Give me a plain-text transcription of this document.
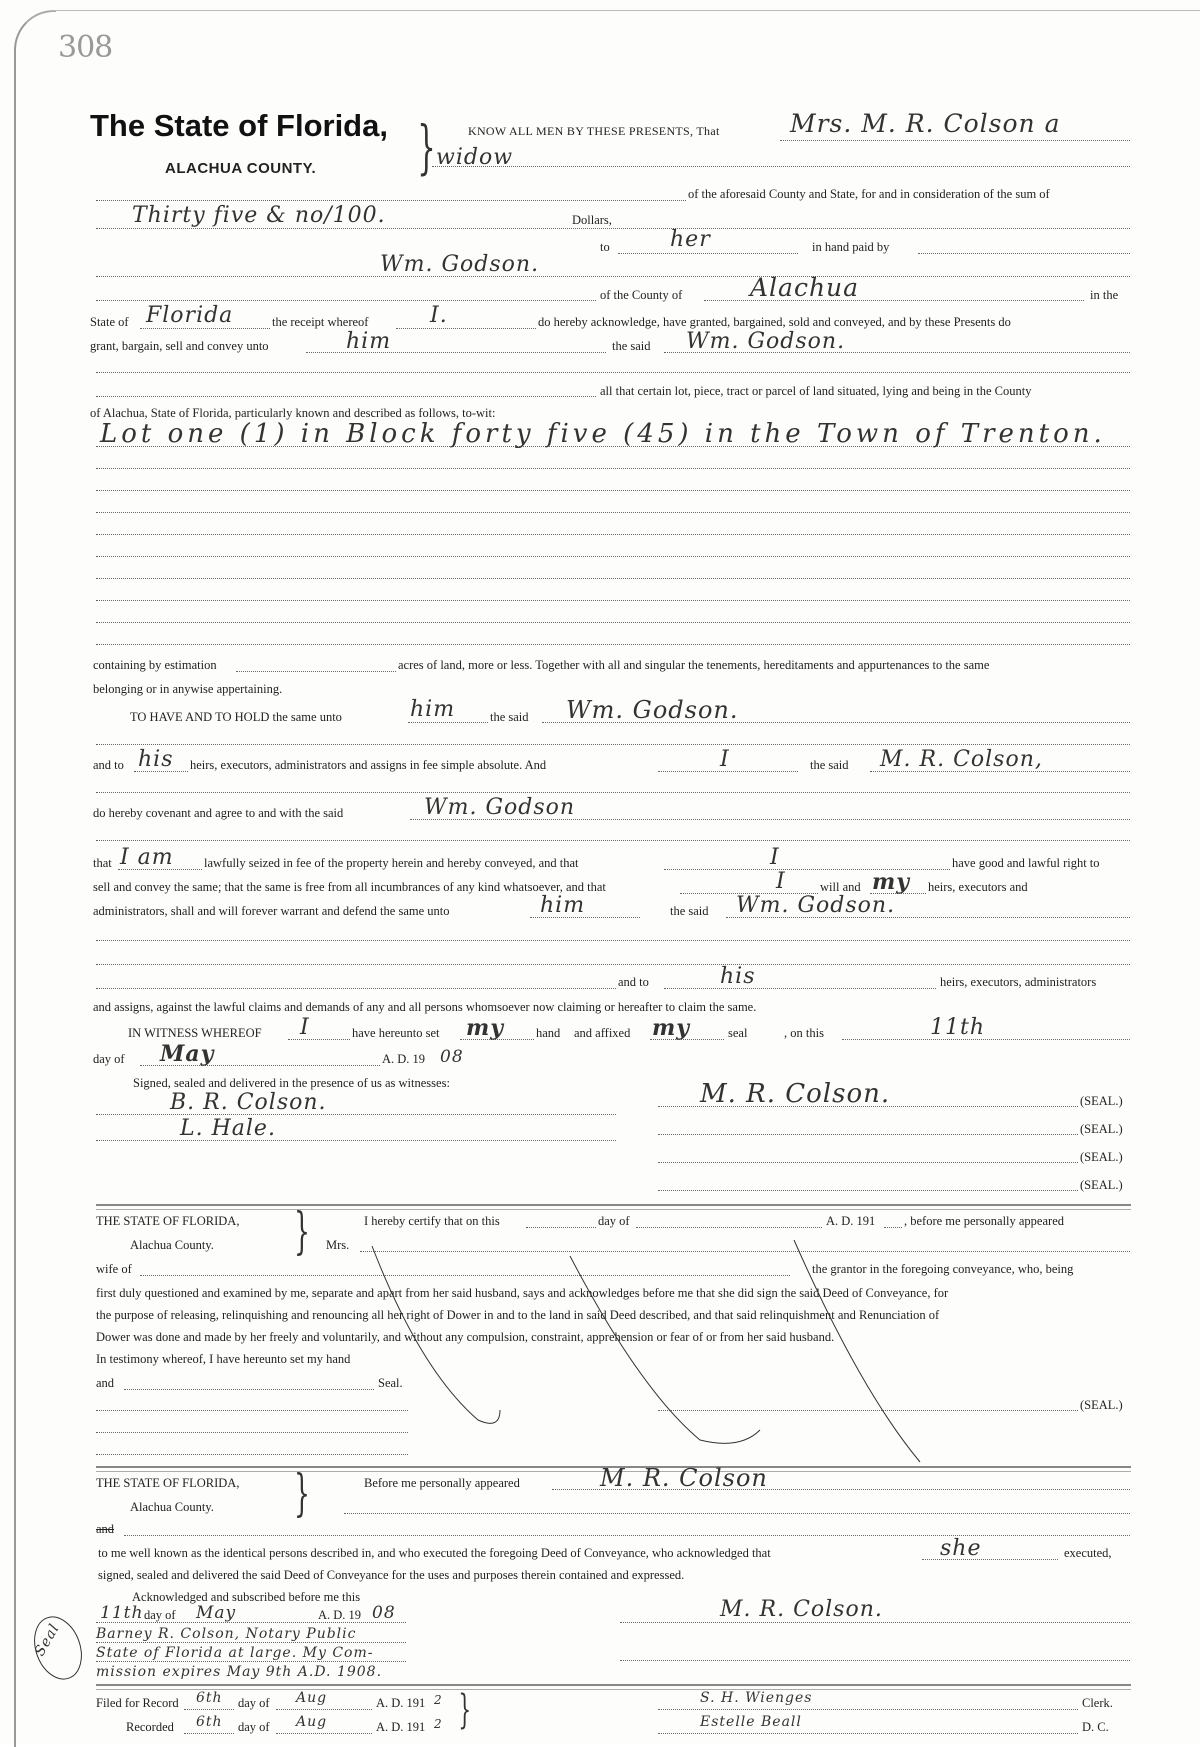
308
The State of Florida,
ALACHUA COUNTY. }	KNOW ALL MEN BY THESE PRESENTS, That	Mrs. M. R. Colson a
widow
of the aforesaid County and State, for and in consideration of the sum of
Thirty five & no/100.	Dollars,
to	her	in hand paid by
Wm. Godson.
of the County of	Alachua	in the
State of Florida	the receipt whereof	I.	do hereby acknowledge, have granted, bargained, sold and conveyed, and by these Presents do
grant, bargain, sell and convey unto	him	the said Wm. Godson.
all that certain lot, piece, tract or parcel of land situated, lying and being in the County
of Alachua, State of Florida, particularly known and described as follows, to-wit:
Lot one (1) in Block forty five (45) in the Town of Trenton.
containing by estimation	acres of land, more or less. Together with all and singular the tenements, hereditaments and appurtenances to the same
belonging or in anywise appertaining.
TO HAVE AND TO HOLD the same unto	him	the said Wm. Godson.
and to his heirs, executors, administrators and assigns in fee simple absolute. And	I	the said M. R. Colson,
do hereby covenant and agree to and with the said	Wm. Godson
that I am lawfully seized in fee of the property herein and hereby conveyed, and that	I	have good and lawful right to
sell and convey the same; that the same is free from all incumbrances of any kind whatsoever, and that	I	will and my heirs, executors and
administrators, shall and will forever warrant and defend the same unto	him	the said Wm. Godson.
and to	his	heirs, executors, administrators
and assigns, against the lawful claims and demands of any and all persons whomsoever now claiming or hereafter to claim the same.
IN WITNESS WHEREOF I	have hereunto set my	hand and affixed my	seal	, on this	11th
day of May	A. D. 19 08
Signed, sealed and delivered in the presence of us as witnesses:
B. R. Colson.
L. Hale.
M. R. Colson.	(SEAL.)
(SEAL.)
(SEAL.)
(SEAL.)
THE STATE OF FLORIDA,
Alachua County. }	I hereby certify that on this	day of	A. D. 191 , before me personally appeared
Mrs.
wife of	the grantor in the foregoing conveyance, who, being
first duly questioned and examined by me, separate and apart from her said husband, says and acknowledges before me that she did sign the said Deed of Conveyance, for
the purpose of releasing, relinquishing and renouncing all her right of Dower in and to the land in said Deed described, and that said relinquishment and Renunciation of
Dower was done and made by her freely and voluntarily, and without any compulsion, constraint, apprehension or fear of or from her said husband.
In testimony whereof, I have hereunto set my hand
and	Seal.
(SEAL.)
THE STATE OF FLORIDA,
Alachua County. }	Before me personally appeared	M. R. Colson
and
to me well known as the identical persons described in, and who executed the foregoing Deed of Conveyance, who acknowledged that	she	executed,
signed, sealed and delivered the said Deed of Conveyance for the uses and purposes therein contained and expressed.
Acknowledged and subscribed before me this
11th day of May	A. D. 19 08
Barney R. Colson, Notary Public
State of Florida at large. My Com-
mission expires May 9th A.D. 1908.
Seal
M. R. Colson.
Filed for Record 6th day of Aug	A. D. 191 2
Recorded 6th day of Aug	A. D. 191 2 }	S. H. Wienges	Clerk.
Estelle Beall	D. C.
